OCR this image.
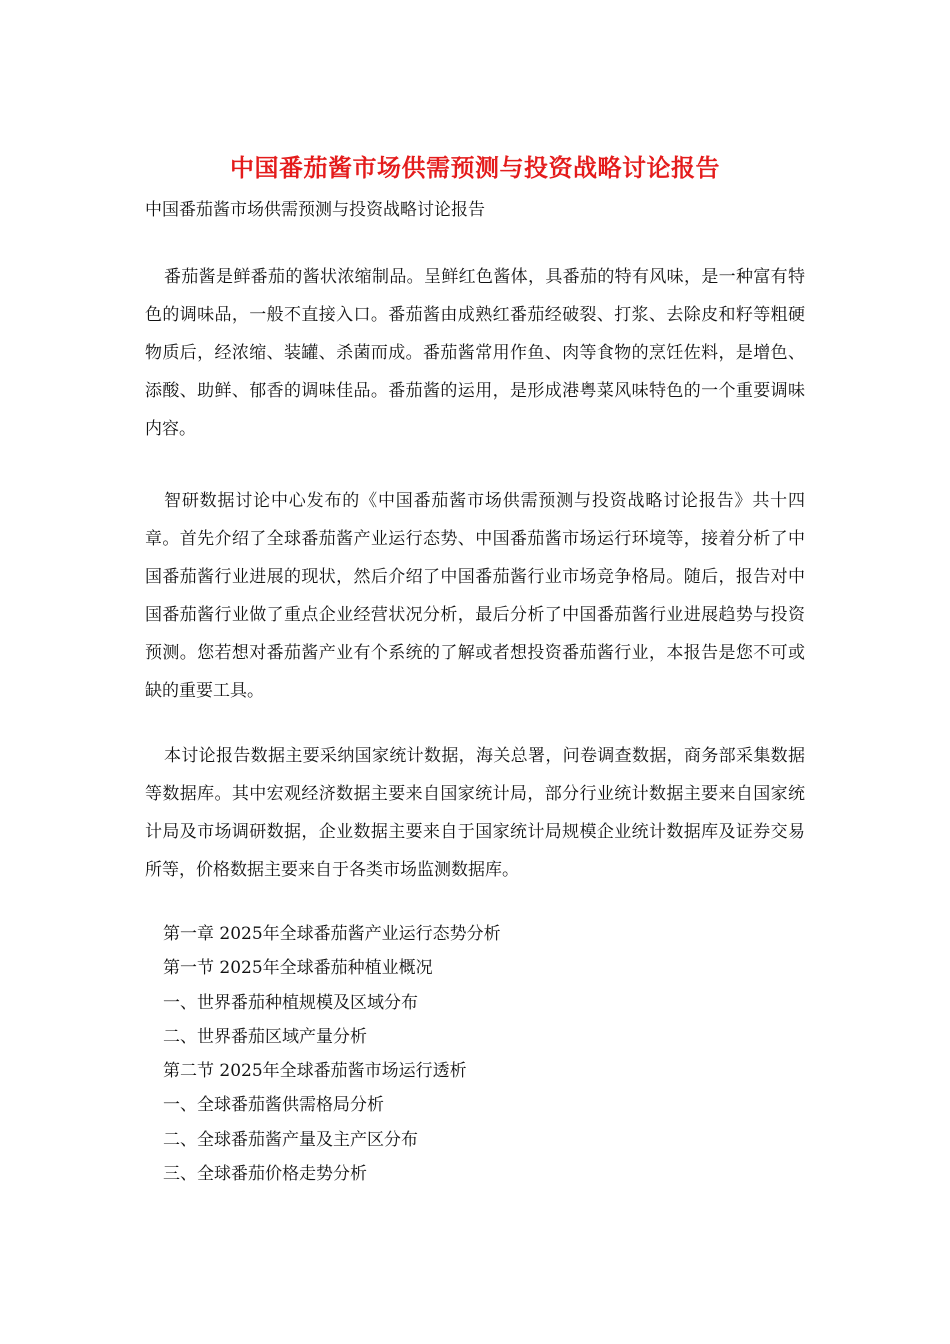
中国番茄酱市场供需预测与投资战略讨论报告
中国番茄酱市场供需预测与投资战略讨论报告

番茄酱是鲜番茄的酱状浓缩制品。呈鲜红色酱体，具番茄的特有风味，是一种富有特色的调味品，一般不直接入口。番茄酱由成熟红番茄经破裂、打浆、去除皮和籽等粗硬物质后，经浓缩、装罐、杀菌而成。番茄酱常用作鱼、肉等食物的烹饪佐料，是增色、添酸、助鲜、郁香的调味佳品。番茄酱的运用，是形成港粤菜风味特色的一个重要调味内容。

智研数据讨论中心发布的《中国番茄酱市场供需预测与投资战略讨论报告》共十四章。首先介绍了全球番茄酱产业运行态势、中国番茄酱市场运行环境等，接着分析了中国番茄酱行业进展的现状，然后介绍了中国番茄酱行业市场竞争格局。随后，报告对中国番茄酱行业做了重点企业经营状况分析，最后分析了中国番茄酱行业进展趋势与投资预测。您若想对番茄酱产业有个系统的了解或者想投资番茄酱行业，本报告是您不可或缺的重要工具。

本讨论报告数据主要采纳国家统计数据，海关总署，问卷调查数据，商务部采集数据等数据库。其中宏观经济数据主要来自国家统计局，部分行业统计数据主要来自国家统计局及市场调研数据，企业数据主要来自于国家统计局规模企业统计数据库及证券交易所等，价格数据主要来自于各类市场监测数据库。

第一章 2025年全球番茄酱产业运行态势分析
第一节 2025年全球番茄种植业概况
一、世界番茄种植规模及区域分布
二、世界番茄区域产量分析
第二节 2025年全球番茄酱市场运行透析
一、全球番茄酱供需格局分析
二、全球番茄酱产量及主产区分布
三、全球番茄价格走势分析
